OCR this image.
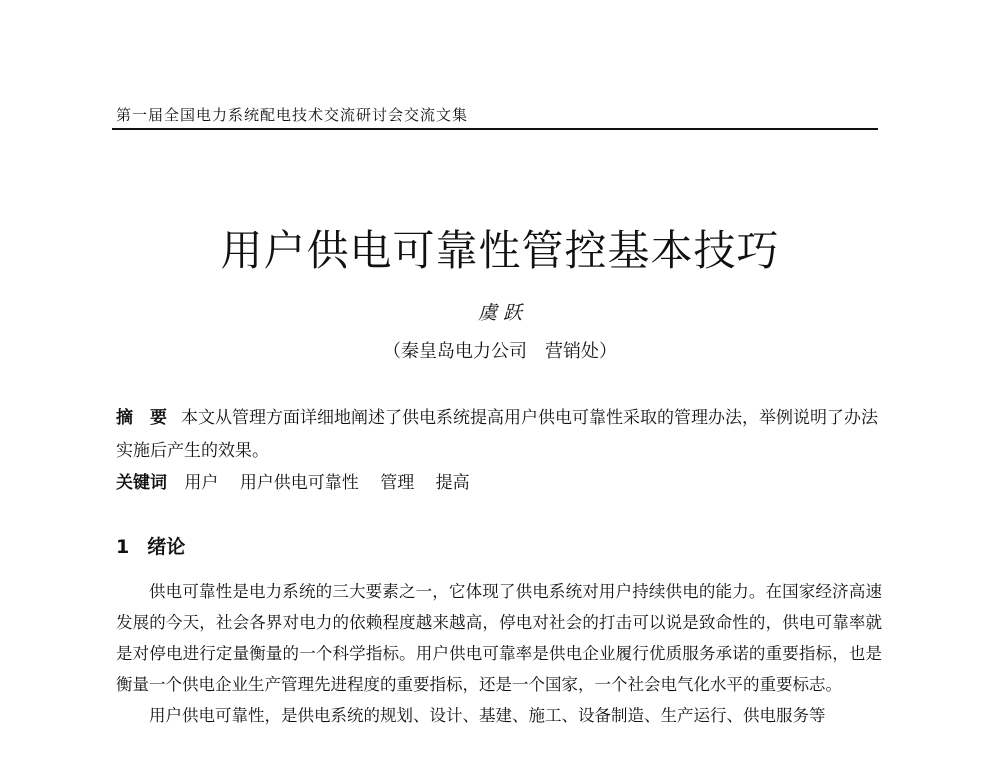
第一届全国电力系统配电技术交流研讨会交流文集
用户供电可靠性管控基本技巧
虞 跃
（秦皇岛电力公司　营销处）
摘　要 本文从管理方面详细地阐述了供电系统提高用户供电可靠性采取的管理办法，举例说明了办法实施后产生的效果。
关键词 用户 用户供电可靠性 管理 提高
1 绪论

供电可靠性是电力系统的三大要素之一，它体现了供电系统对用户持续供电的能力。在国家经济高速发展的今天，社会各界对电力的依赖程度越来越高，停电对社会的打击可以说是致命性的，供电可靠率就是对停电进行定量衡量的一个科学指标。用户供电可靠率是供电企业履行优质服务承诺的重要指标，也是衡量一个供电企业生产管理先进程度的重要指标，还是一个国家，一个社会电气化水平的重要标志。

用户供电可靠性，是供电系统的规划、设计、基建、施工、设备制造、生产运行、供电服务等
